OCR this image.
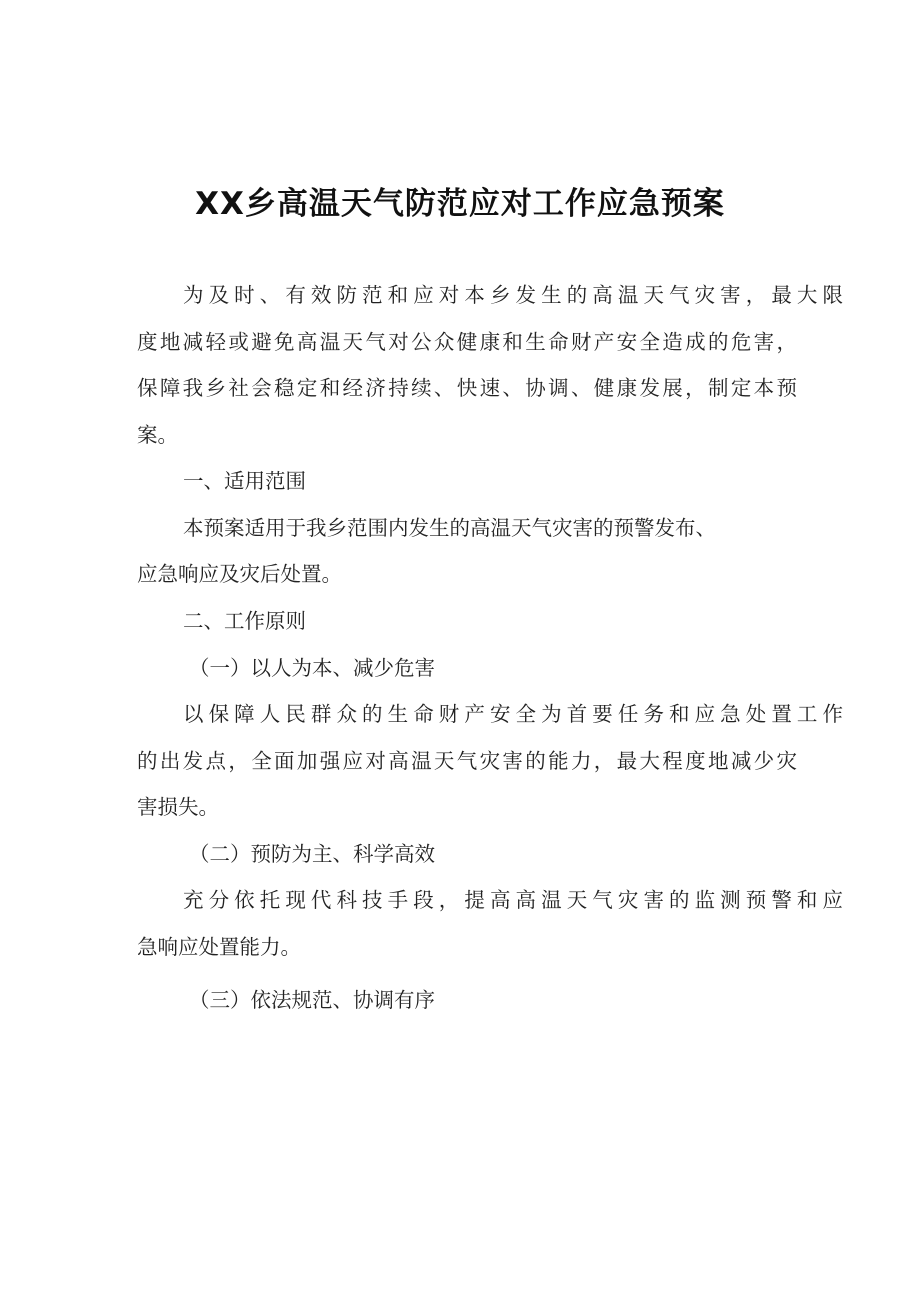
XX乡高温天气防范应对工作应急预案

为及时、有效防范和应对本乡发生的高温天气灾害，最大限

度地减轻或避免高温天气对公众健康和生命财产安全造成的危害，

保障我乡社会稳定和经济持续、快速、协调、健康发展，制定本预

案。

一、适用范围

本预案适用于我乡范围内发生的高温天气灾害的预警发布、

应急响应及灾后处置。

二、工作原则

（一）以人为本、减少危害

以保障人民群众的生命财产安全为首要任务和应急处置工作

的出发点，全面加强应对高温天气灾害的能力，最大程度地减少灾

害损失。

（二）预防为主、科学高效

充分依托现代科技手段，提高高温天气灾害的监测预警和应

急响应处置能力。

（三）依法规范、协调有序
